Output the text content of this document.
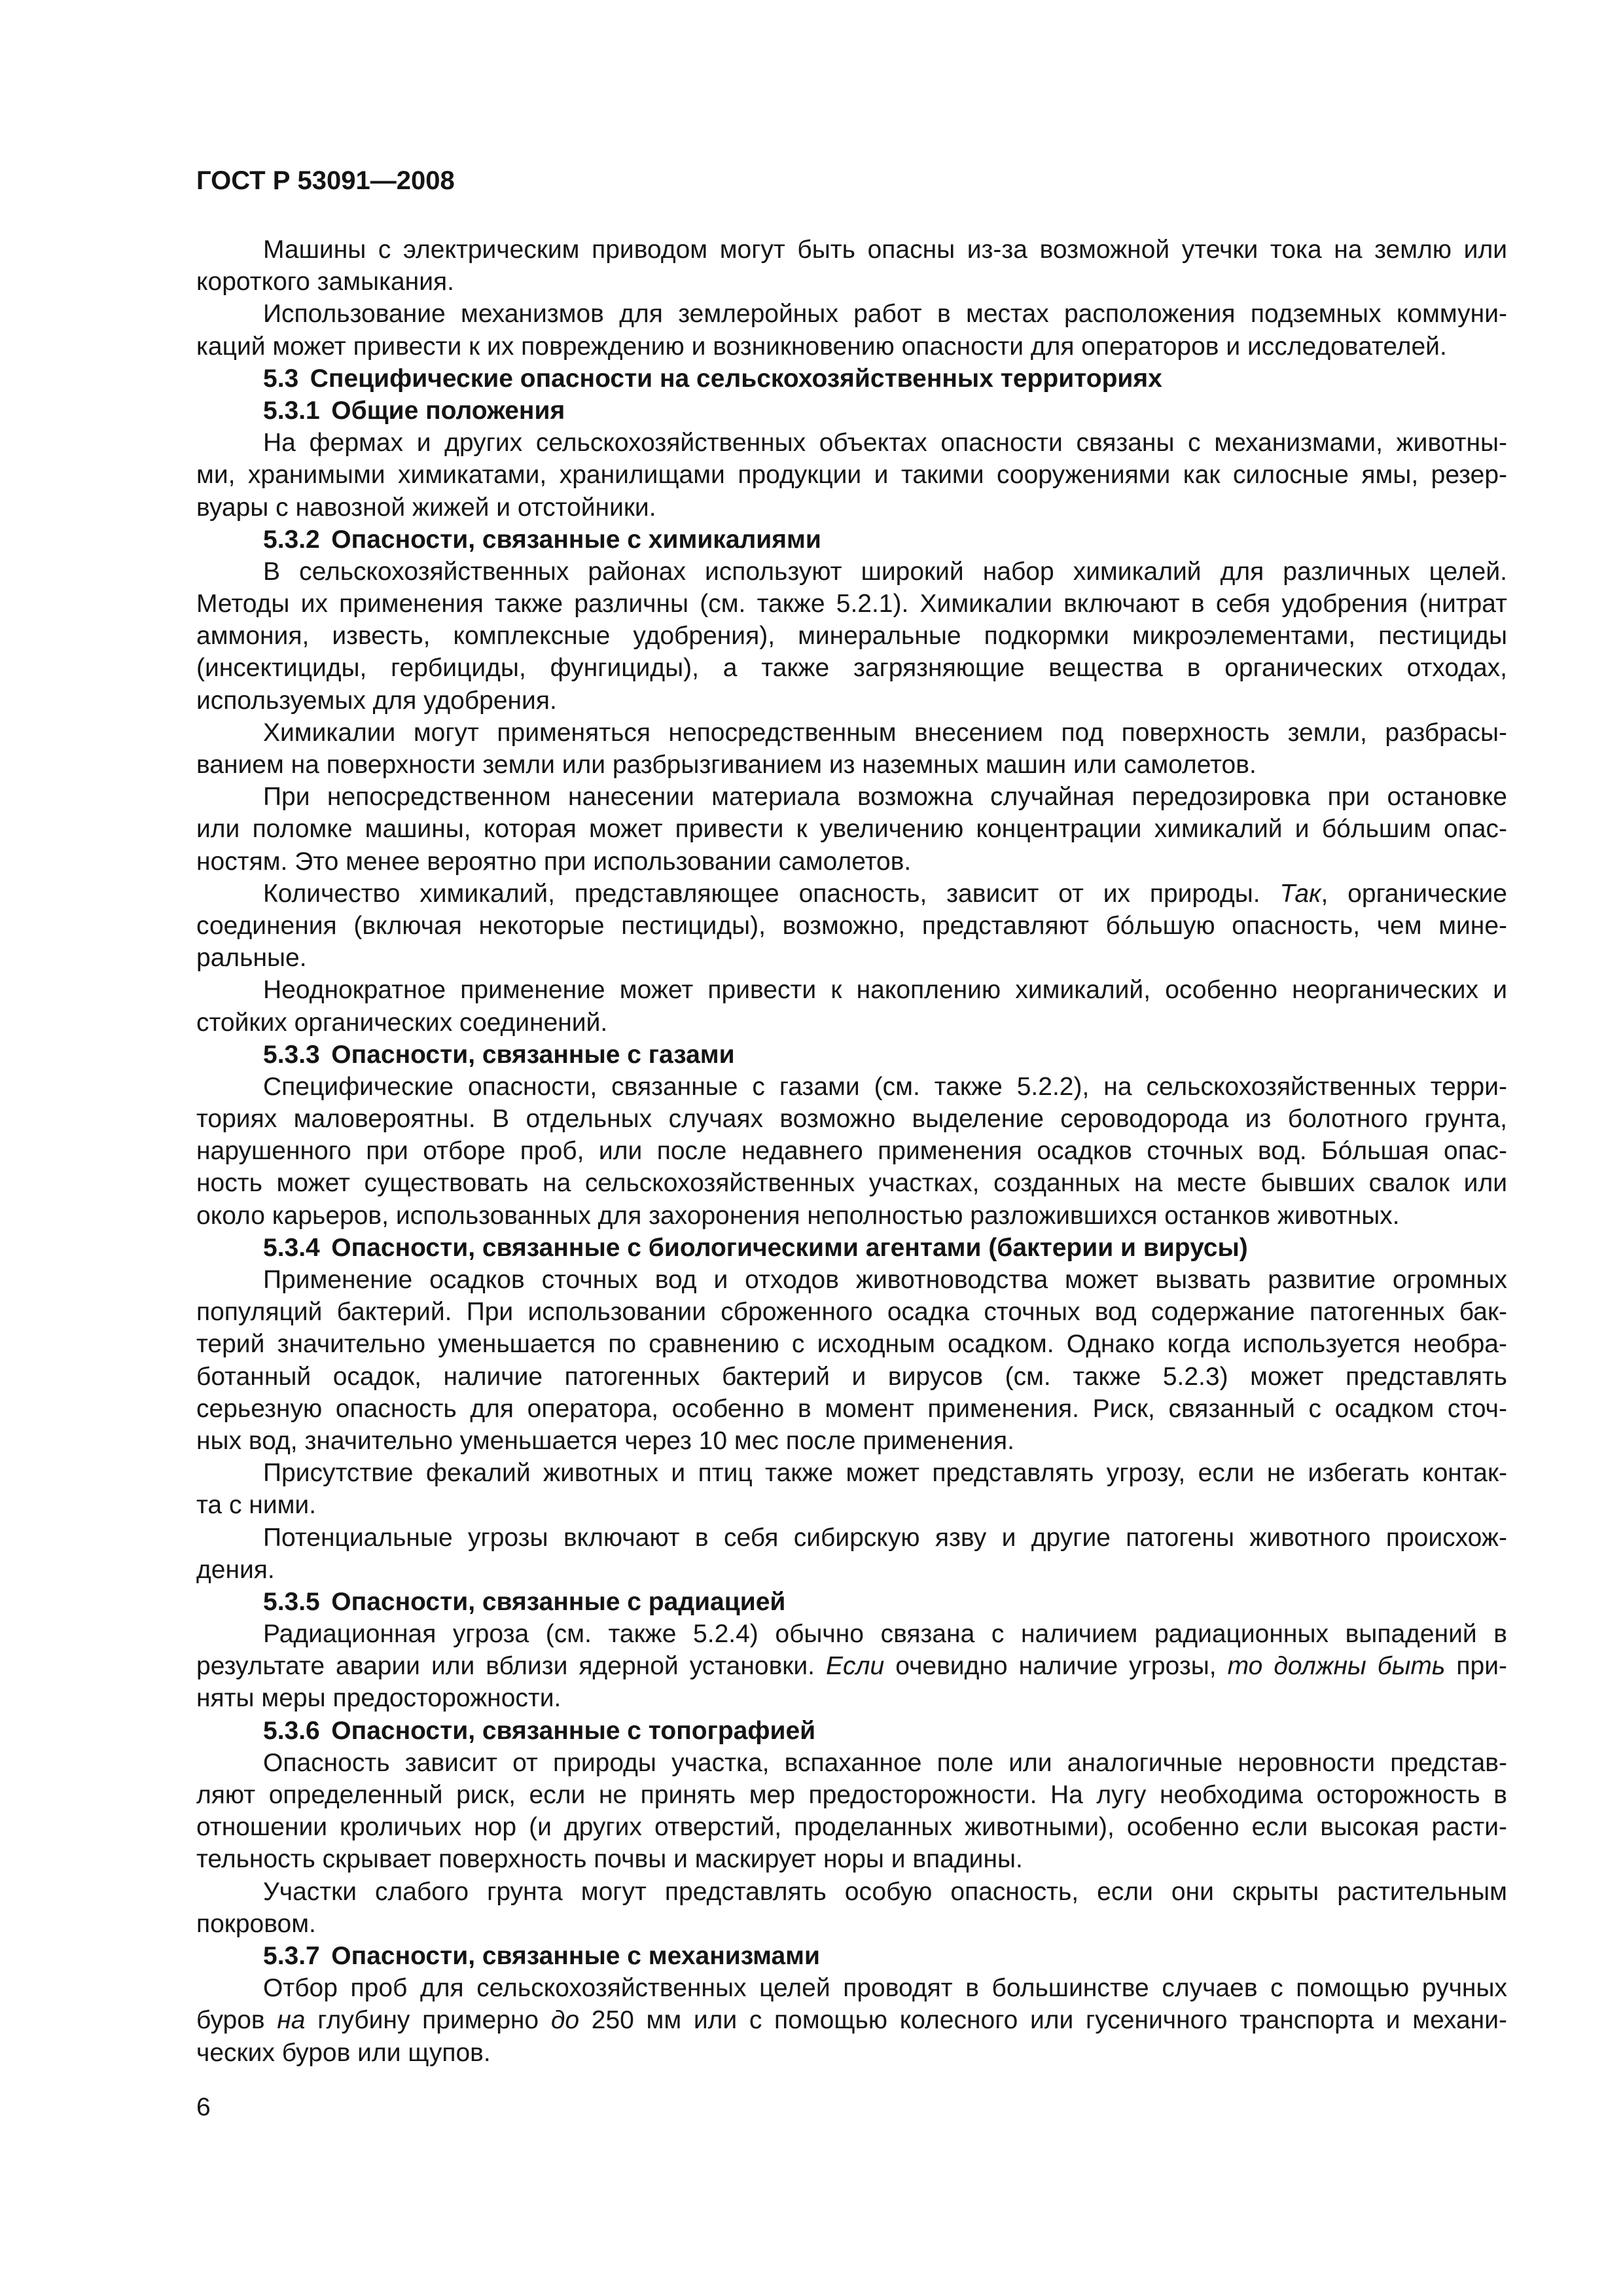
ГОСТ Р 53091—2008
Машины с электрическим приводом могут быть опасны из-за возможной утечки тока на землю или
короткого замыкания.
Использование механизмов для землеройных работ в местах расположения подземных коммуни-
каций может привести к их повреждению и возникновению опасности для операторов и исследователей.
5.3 Специфические опасности на сельскохозяйственных территориях
5.3.1 Общие положения
На фермах и других сельскохозяйственных объектах опасности связаны с механизмами, животны-
ми, хранимыми химикатами, хранилищами продукции и такими сооружениями как силосные ямы, резер-
вуары с навозной жижей и отстойники.
5.3.2 Опасности, связанные с химикалиями
В сельскохозяйственных районах используют широкий набор химикалий для различных целей.
Методы их применения также различны (см. также 5.2.1). Химикалии включают в себя удобрения (нитрат
аммония, известь, комплексные удобрения), минеральные подкормки микроэлементами, пестициды
(инсектициды, гербициды, фунгициды), а также загрязняющие вещества в органических отходах,
используемых для удобрения.
Химикалии могут применяться непосредственным внесением под поверхность земли, разбрасы-
ванием на поверхности земли или разбрызгиванием из наземных машин или самолетов.
При непосредственном нанесении материала возможна случайная передозировка при остановке
или поломке машины, которая может привести к увеличению концентрации химикалий и бóльшим опас-
ностям. Это менее вероятно при использовании самолетов.
Количество химикалий, представляющее опасность, зависит от их природы. Так, органические
соединения (включая некоторые пестициды), возможно, представляют бóльшую опасность, чем мине-
ральные.
Неоднократное применение может привести к накоплению химикалий, особенно неорганических и
стойких органических соединений.
5.3.3 Опасности, связанные с газами
Специфические опасности, связанные с газами (см. также 5.2.2), на сельскохозяйственных терри-
ториях маловероятны. В отдельных случаях возможно выделение сероводорода из болотного грунта,
нарушенного при отборе проб, или после недавнего применения осадков сточных вод. Бóльшая опас-
ность может существовать на сельскохозяйственных участках, созданных на месте бывших свалок или
около карьеров, использованных для захоронения неполностью разложившихся останков животных.
5.3.4 Опасности, связанные с биологическими агентами (бактерии и вирусы)
Применение осадков сточных вод и отходов животноводства может вызвать развитие огромных
популяций бактерий. При использовании сброженного осадка сточных вод содержание патогенных бак-
терий значительно уменьшается по сравнению с исходным осадком. Однако когда используется необра-
ботанный осадок, наличие патогенных бактерий и вирусов (см. также 5.2.3) может представлять
серьезную опасность для оператора, особенно в момент применения. Риск, связанный с осадком сточ-
ных вод, значительно уменьшается через 10 мес после применения.
Присутствие фекалий животных и птиц также может представлять угрозу, если не избегать контак-
та с ними.
Потенциальные угрозы включают в себя сибирскую язву и другие патогены животного происхож-
дения.
5.3.5 Опасности, связанные с радиацией
Радиационная угроза (см. также 5.2.4) обычно связана с наличием радиационных выпадений в
результате аварии или вблизи ядерной установки. Если очевидно наличие угрозы, то должны быть при-
няты меры предосторожности.
5.3.6 Опасности, связанные с топографией
Опасность зависит от природы участка, вспаханное поле или аналогичные неровности представ-
ляют определенный риск, если не принять мер предосторожности. На лугу необходима осторожность в
отношении кроличьих нор (и других отверстий, проделанных животными), особенно если высокая расти-
тельность скрывает поверхность почвы и маскирует норы и впадины.
Участки слабого грунта могут представлять особую опасность, если они скрыты растительным
покровом.
5.3.7 Опасности, связанные с механизмами
Отбор проб для сельскохозяйственных целей проводят в большинстве случаев с помощью ручных
буров на глубину примерно до 250 мм или с помощью колесного или гусеничного транспорта и механи-
ческих буров или щупов.
6
